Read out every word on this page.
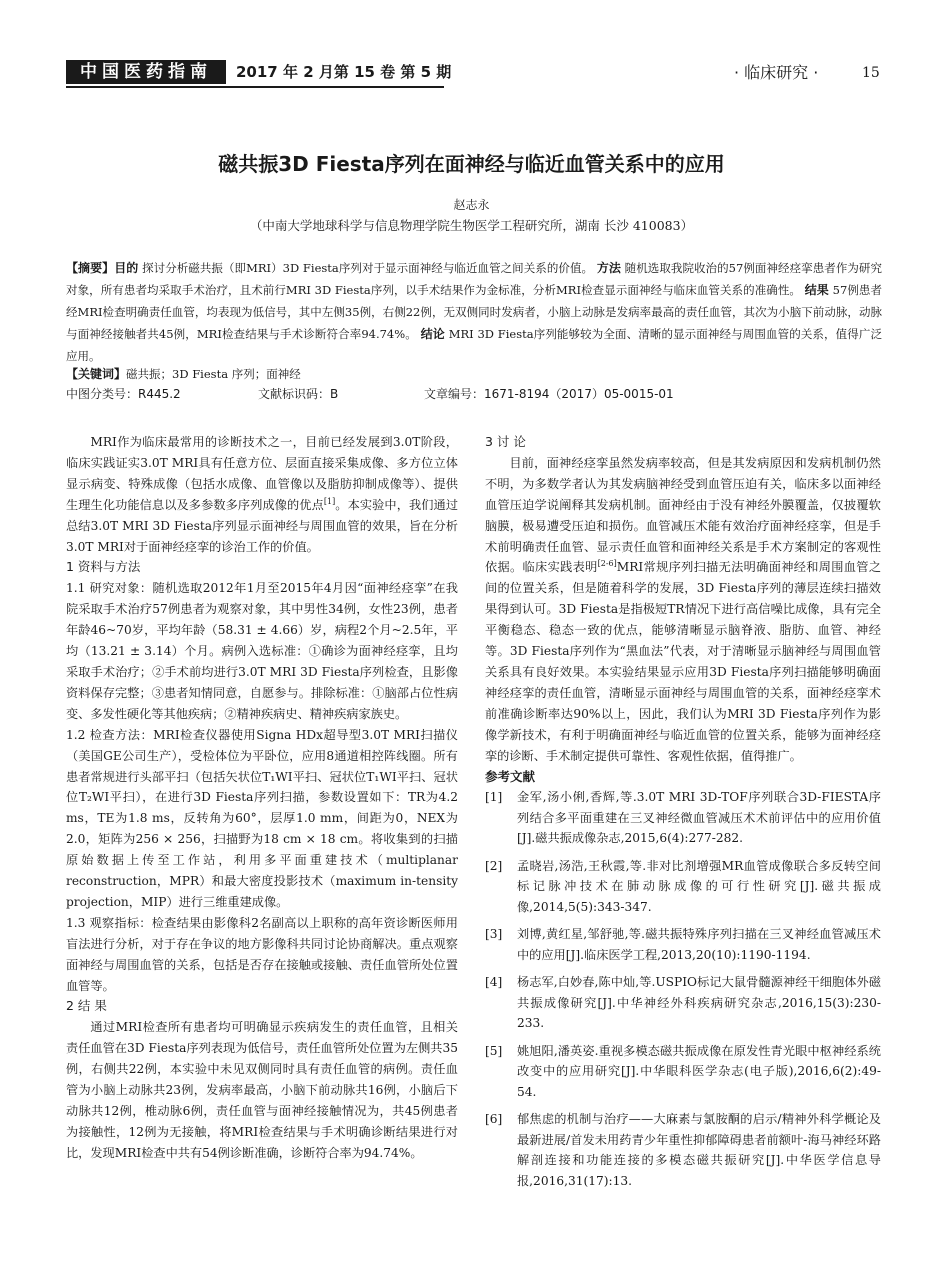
中国医药指南	2017 年 2 月第 15 卷 第 5 期	· 临床研究 ·	15
磁共振3D Fiesta序列在面神经与临近血管关系中的应用
赵志永
（中南大学地球科学与信息物理学院生物医学工程研究所，湖南 长沙 410083）
【摘要】目的 探讨分析磁共振（即MRI）3D Fiesta序列对于显示面神经与临近血管之间关系的价值。 方法 随机选取我院收治的57例面神经痉挛患者作为研究对象，所有患者均采取手术治疗，且术前行MRI 3D Fiesta序列，以手术结果作为金标准，分析MRI检查显示面神经与临床血管关系的准确性。 结果 57例患者经MRI检查明确责任血管，均表现为低信号，其中左侧35例，右侧22例，无双侧同时发病者，小脑上动脉是发病率最高的责任血管，其次为小脑下前动脉，动脉与面神经接触者共45例，MRI检查结果与手术诊断符合率94.74%。 结论 MRI 3D Fiesta序列能够较为全面、清晰的显示面神经与周围血管的关系，值得广泛应用。
【关键词】磁共振；3D Fiesta 序列；面神经
中图分类号：R445.2	文献标识码：B	文章编号：1671-8194（2017）05-0015-01

MRI作为临床最常用的诊断技术之一，目前已经发展到3.0T阶段，临床实践证实3.0T MRI具有任意方位、层面直接采集成像、多方位立体显示病变、特殊成像（包括水成像、血管像以及脂肪抑制成像等）、提供生理生化功能信息以及多参数多序列成像的优点[1]。本实验中，我们通过总结3.0T MRI 3D Fiesta序列显示面神经与周围血管的效果，旨在分析3.0T MRI对于面神经痉挛的诊治工作的价值。

1 资料与方法

1.1 研究对象：随机选取2012年1月至2015年4月因“面神经痉挛”在我院采取手术治疗57例患者为观察对象，其中男性34例，女性23例，患者年龄46~70岁，平均年龄（58.31 ± 4.66）岁，病程2个月~2.5年，平均（13.21 ± 3.14）个月。病例入选标准：①确诊为面神经痉挛，且均采取手术治疗；②手术前均进行3.0T MRI 3D Fiesta序列检查，且影像资料保存完整；③患者知情同意，自愿参与。排除标准：①脑部占位性病变、多发性硬化等其他疾病；②精神疾病史、精神疾病家族史。

1.2 检查方法：MRI检查仪器使用Signa HDx超导型3.0T MRI扫描仪（美国GE公司生产），受检体位为平卧位，应用8通道相控阵线圈。所有患者常规进行头部平扫（包括矢状位T₁WI平扫、冠状位T₁WI平扫、冠状位T₂WI平扫），在进行3D Fiesta序列扫描，参数设置如下：TR为4.2 ms，TE为1.8 ms，反转角为60°，层厚1.0 mm，间距为0，NEX为2.0，矩阵为256 × 256，扫描野为18 cm × 18 cm。将收集到的扫描原始数据上传至工作站，利用多平面重建技术（multiplanar reconstruction，MPR）和最大密度投影技术（maximum in-tensity projection，MIP）进行三维重建成像。

1.3 观察指标：检查结果由影像科2名副高以上职称的高年资诊断医师用盲法进行分析，对于存在争议的地方影像科共同讨论协商解决。重点观察面神经与周围血管的关系，包括是否存在接触或接触、责任血管所处位置血管等。

2 结 果

通过MRI检查所有患者均可明确显示疾病发生的责任血管，且相关责任血管在3D Fiesta序列表现为低信号，责任血管所处位置为左侧共35例，右侧共22例，本实验中未见双侧同时具有责任血管的病例。责任血管为小脑上动脉共23例，发病率最高，小脑下前动脉共16例，小脑后下动脉共12例，椎动脉6例，责任血管与面神经接触情况为，共45例患者为接触性，12例为无接触，将MRI检查结果与手术明确诊断结果进行对比，发现MRI检查中共有54例诊断准确，诊断符合率为94.74%。

3 讨 论

目前，面神经痉挛虽然发病率较高，但是其发病原因和发病机制仍然不明，为多数学者认为其发病脑神经受到血管压迫有关，临床多以面神经血管压迫学说阐释其发病机制。面神经由于没有神经外膜覆盖，仅披覆软脑膜，极易遭受压迫和损伤。血管减压术能有效治疗面神经痉挛，但是手术前明确责任血管、显示责任血管和面神经关系是手术方案制定的客观性依据。临床实践表明[2-6]MRI常规序列扫描无法明确面神经和周围血管之间的位置关系，但是随着科学的发展，3D Fiesta序列的薄层连续扫描效果得到认可。3D Fiesta是指极短TR情况下进行高信噪比成像，具有完全平衡稳态、稳态一致的优点，能够清晰显示脑脊液、脂肪、血管、神经等。3D Fiesta序列作为“黑血法”代表，对于清晰显示脑神经与周围血管关系具有良好效果。本实验结果显示应用3D Fiesta序列扫描能够明确面神经痉挛的责任血管，清晰显示面神经与周围血管的关系，面神经痉挛术前准确诊断率达90%以上，因此，我们认为MRI 3D Fiesta序列作为影像学新技术，有利于明确面神经与临近血管的位置关系，能够为面神经痉挛的诊断、手术制定提供可靠性、客观性依据，值得推广。

参考文献

[1]	金军,汤小俐,香辉,等.3.0T MRI 3D-TOF序列联合3D-FIESTA序列结合多平面重建在三叉神经微血管减压术术前评估中的应用价值[J].磁共振成像杂志,2015,6(4):277-282.
[2]	孟晓岩,汤浩,王秋霞,等.非对比剂增强MR血管成像联合多反转空间标记脉冲技术在肺动脉成像的可行性研究[J].磁共振成像,2014,5(5):343-347.
[3]	刘博,黄红星,邹舒驰,等.磁共振特殊序列扫描在三叉神经血管减压术中的应用[J].临床医学工程,2013,20(10):1190-1194.
[4]	杨志军,白妙春,陈中灿,等.USPIO标记大鼠骨髓源神经干细胞体外磁共振成像研究[J].中华神经外科疾病研究杂志,2016,15(3):230-233.
[5]	姚旭阳,潘英姿.重视多模态磁共振成像在原发性青光眼中枢神经系统改变中的应用研究[J].中华眼科医学杂志(电子版),2016,6(2):49-54.
[6]	郁焦虑的机制与治疗——大麻素与氯胺酮的启示/精神外科学概论及最新进展/首发未用药青少年重性抑郁障碍患者前额叶-海马神经环路解剖连接和功能连接的多模态磁共振研究[J].中华医学信息导报,2016,31(17):13.
